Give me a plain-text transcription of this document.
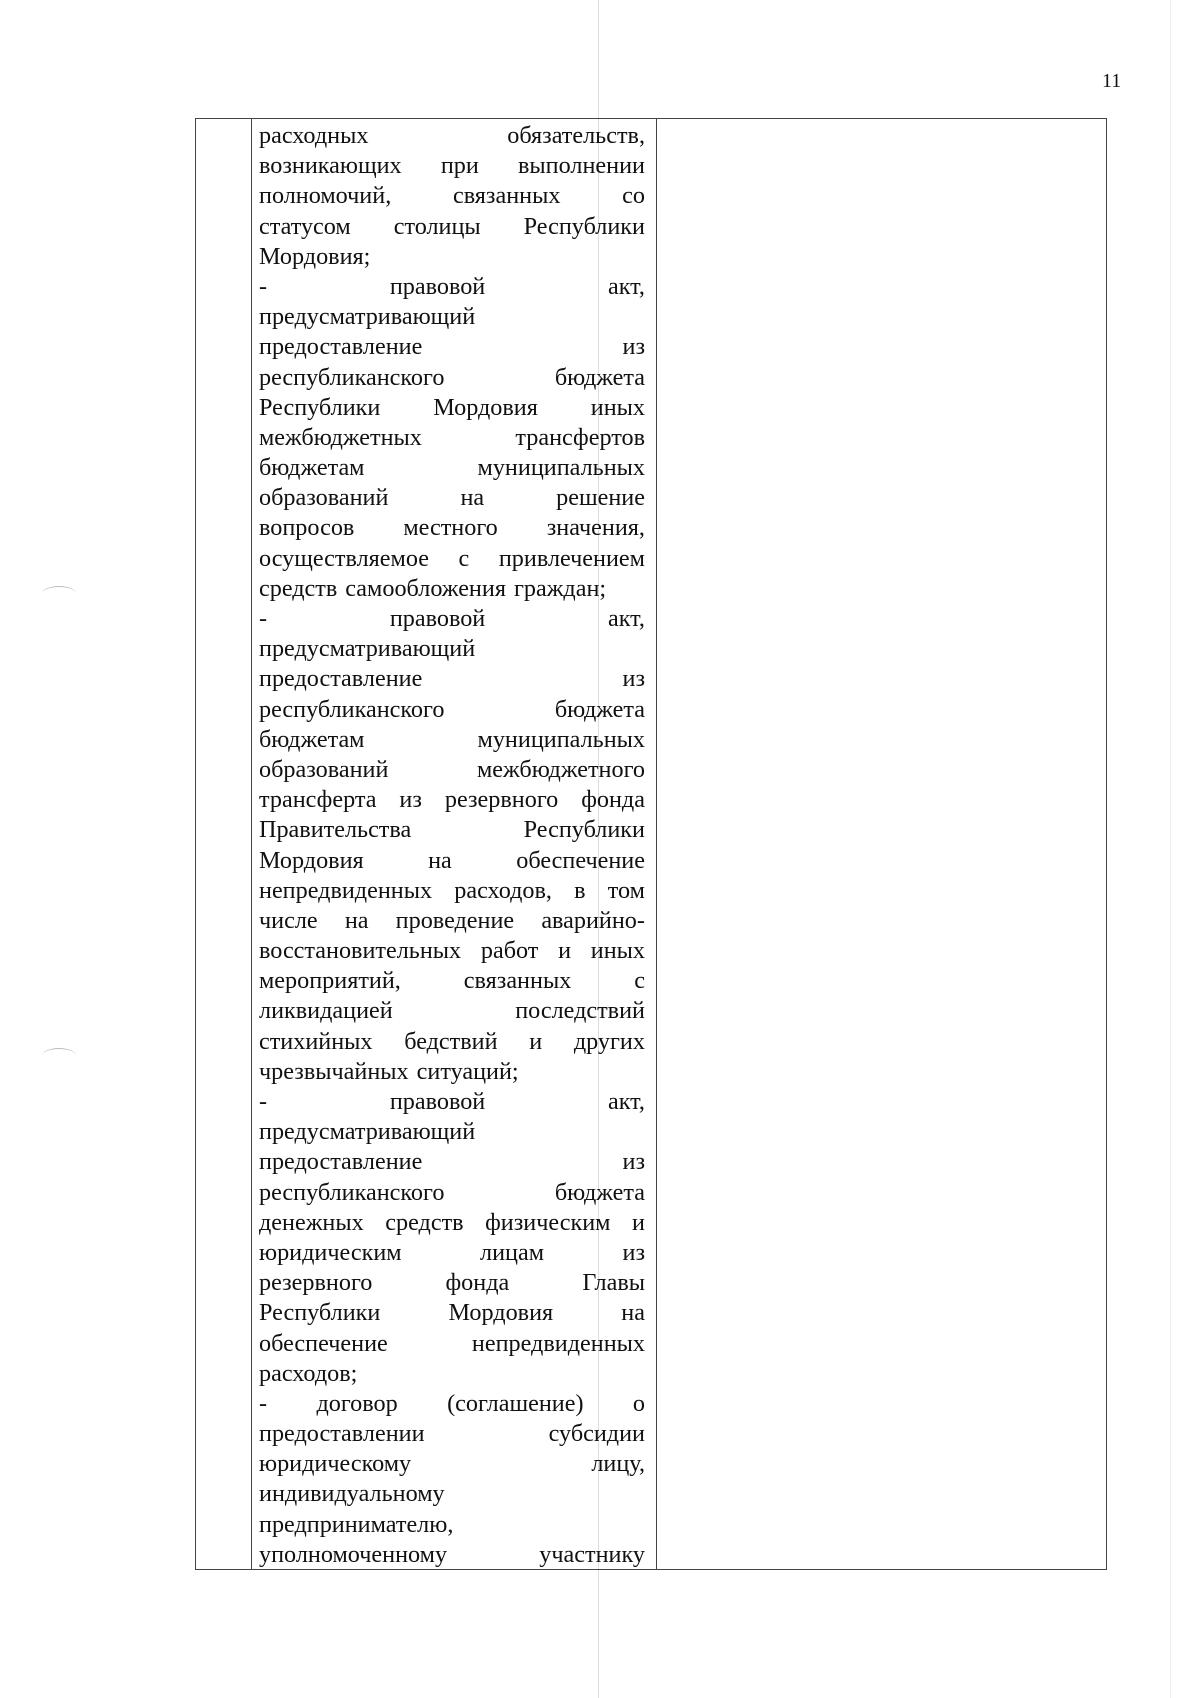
11
расходных	обязательств,
возникающих при выполнении
полномочий,	связанных	со
статусом столицы Республики
Мордовия;
-	правовой	акт,
предусматривающий
предоставление	из
республиканского	бюджета
Республики Мордовия иных
межбюджетных	трансфертов
бюджетам	муниципальных
образований	на	решение
вопросов местного значения,
осуществляемое с привлечением
средств самообложения граждан;
-	правовой	акт,
предусматривающий
предоставление	из
республиканского	бюджета
бюджетам	муниципальных
образований	межбюджетного
трансферта из резервного фонда
Правительства	Республики
Мордовия	на	обеспечение
непредвиденных расходов, в том
числе на проведение аварийно-
восстановительных работ и иных
мероприятий,	связанных	с
ликвидацией	последствий
стихийных бедствий и других
чрезвычайных ситуаций;
-	правовой	акт,
предусматривающий
предоставление	из
республиканского	бюджета
денежных средств физическим и
юридическим	лицам	из
резервного	фонда	Главы
Республики	Мордовия	на
обеспечение	непредвиденных
расходов;
- договор (соглашение) о
предоставлении	субсидии
юридическому	лицу,
индивидуальному
предпринимателю,
уполномоченному	участнику
